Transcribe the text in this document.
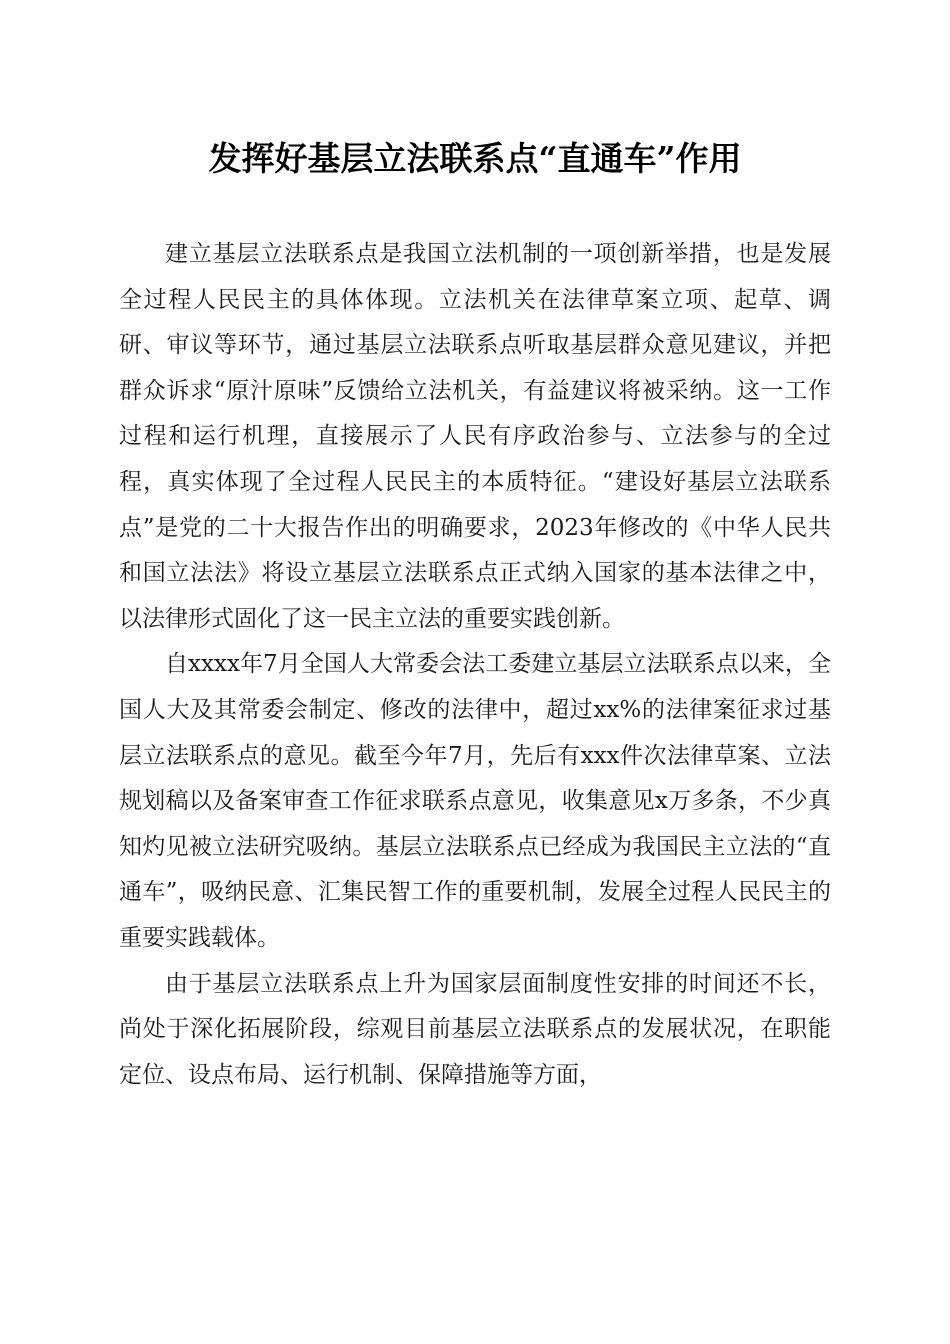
发挥好基层立法联系点“直通车”作用

建立基层立法联系点是我国立法机制的一项创新举措，也是发展全过程人民民主的具体体现。立法机关在法律草案立项、起草、调研、审议等环节，通过基层立法联系点听取基层群众意见建议，并把群众诉求“原汁原味”反馈给立法机关，有益建议将被采纳。这一工作过程和运行机理，直接展示了人民有序政治参与、立法参与的全过程，真实体现了全过程人民民主的本质特征。“建设好基层立法联系点”是党的二十大报告作出的明确要求，2023年修改的《中华人民共和国立法法》将设立基层立法联系点正式纳入国家的基本法律之中，以法律形式固化了这一民主立法的重要实践创新。

自xxxx年7月全国人大常委会法工委建立基层立法联系点以来，全国人大及其常委会制定、修改的法律中，超过xx%的法律案征求过基层立法联系点的意见。截至今年7月，先后有xxx件次法律草案、立法规划稿以及备案审查工作征求联系点意见，收集意见x万多条，不少真知灼见被立法研究吸纳。基层立法联系点已经成为我国民主立法的“直通车”，吸纳民意、汇集民智工作的重要机制，发展全过程人民民主的重要实践载体。

由于基层立法联系点上升为国家层面制度性安排的时间还不长，尚处于深化拓展阶段，综观目前基层立法联系点的发展状况，在职能定位、设点布局、运行机制、保障措施等方面，
